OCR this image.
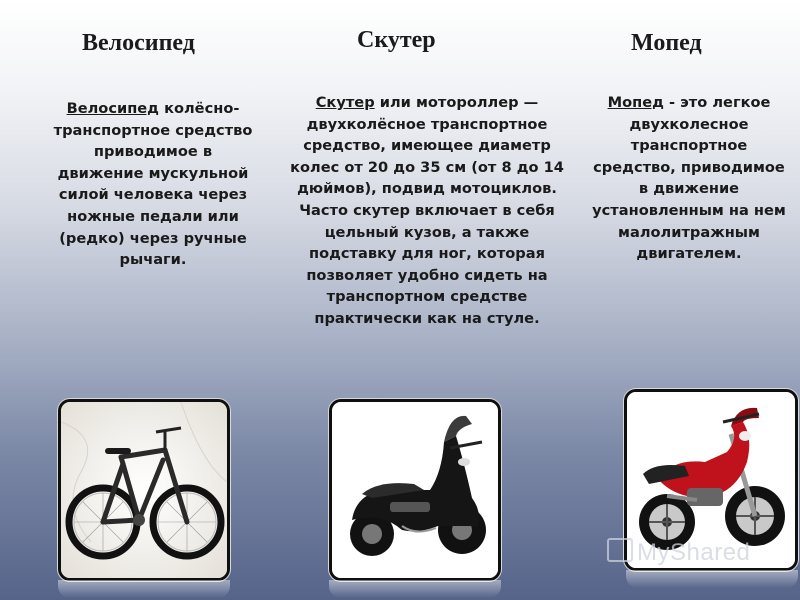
Велосипед	Скутер	Мопед

Велосипед колёсно-транспортное средство приводимое в движение мускульной силой человека через ножные педали или (редко) через ручные рычаги.

Скутер или мотороллер — двухколёсное транспортное средство, имеющее диаметр колес от 20 до 35 см (от 8 до 14 дюймов), подвид мотоциклов. Часто скутер включает в себя цельный кузов, а также подставку для ног, которая позволяет удобно сидеть на транспортном средстве практически как на стуле.

Мопед - это легкое двухколесное транспортное средство, приводимое в движение установленным на нем малолитражным двигателем.

MyShared
